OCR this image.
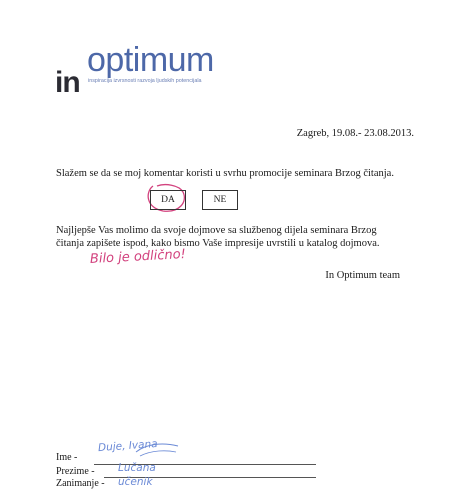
in
optimum
inspiracija izvrsnosti razvoja ljudskih potencijala
Zagreb, 19.08.- 23.08.2013.
Slažem se da se moj komentar koristi u svrhu promocije seminara Brzog čitanja.
DA	NE
Najljepše Vas molimo da svoje dojmove sa službenog dijela seminara Brzog
čitanja zapišete ispod, kako bismo Vaše impresije uvrstili u katalog dojmova.
Bilo je odlično!
In Optimum team
Ime -
Duje, Ivana
Prezime - Lučana
Zanimanje - učenik
